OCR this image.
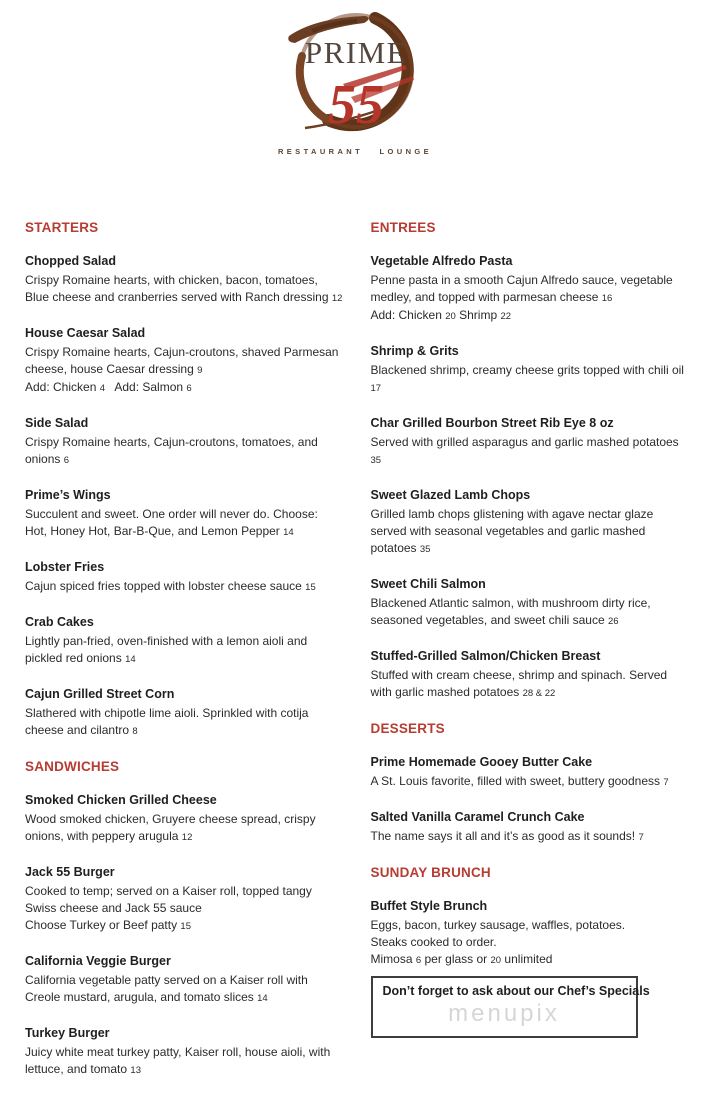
PRIME
55
RESTAURANT LOUNGE
STARTERS
Chopped Salad

Crispy Romaine hearts, with chicken, bacon, tomatoes,

Blue cheese and cranberries served with Ranch dressing 12

House Caesar Salad

Crispy Romaine hearts, Cajun-croutons, shaved Parmesan

cheese, house Caesar dressing 9

Add: Chicken 4   Add: Salmon 6

Side Salad

Crispy Romaine hearts, Cajun-croutons, tomatoes, and

onions 6

Prime’s Wings

Succulent and sweet. One order will never do. Choose:

Hot, Honey Hot, Bar-B-Que, and Lemon Pepper 14

Lobster Fries

Cajun spiced fries topped with lobster cheese sauce 15

Crab Cakes

Lightly pan-fried, oven-finished with a lemon aioli and

pickled red onions 14

Cajun Grilled Street Corn

Slathered with chipotle lime aioli. Sprinkled with cotija

cheese and cilantro 8

SANDWICHES
Smoked Chicken Grilled Cheese

Wood smoked chicken, Gruyere cheese spread, crispy

onions, with peppery arugula 12

Jack 55 Burger

Cooked to temp; served on a Kaiser roll, topped tangy

Swiss cheese and Jack 55 sauce

Choose Turkey or Beef patty 15

California Veggie Burger

California vegetable patty served on a Kaiser roll with

Creole mustard, arugula, and tomato slices 14

Turkey Burger

Juicy white meat turkey patty, Kaiser roll, house aioli, with

lettuce, and tomato 13

ENTREES
Vegetable Alfredo Pasta

Penne pasta in a smooth Cajun Alfredo sauce, vegetable

medley, and topped with parmesan cheese 16

Add: Chicken 20 Shrimp 22

Shrimp & Grits

Blackened shrimp, creamy cheese grits topped with chili oil

17

Char Grilled Bourbon Street Rib Eye 8 oz

Served with grilled asparagus and garlic mashed potatoes

35

Sweet Glazed Lamb Chops

Grilled lamb chops glistening with agave nectar glaze

served with seasonal vegetables and garlic mashed

potatoes 35

Sweet Chili Salmon

Blackened Atlantic salmon, with mushroom dirty rice,

seasoned vegetables, and sweet chili sauce 26

Stuffed-Grilled Salmon/Chicken Breast

Stuffed with cream cheese, shrimp and spinach. Served

with garlic mashed potatoes 28 & 22

DESSERTS
Prime Homemade Gooey Butter Cake

A St. Louis favorite, filled with sweet, buttery goodness 7

Salted Vanilla Caramel Crunch Cake

The name says it all and it’s as good as it sounds! 7

SUNDAY BRUNCH
Buffet Style Brunch

Eggs, bacon, turkey sausage, waffles, potatoes.

Steaks cooked to order.

Mimosa 6 per glass or 20 unlimited

Don’t forget to ask about our Chef’s Specials
menupix
